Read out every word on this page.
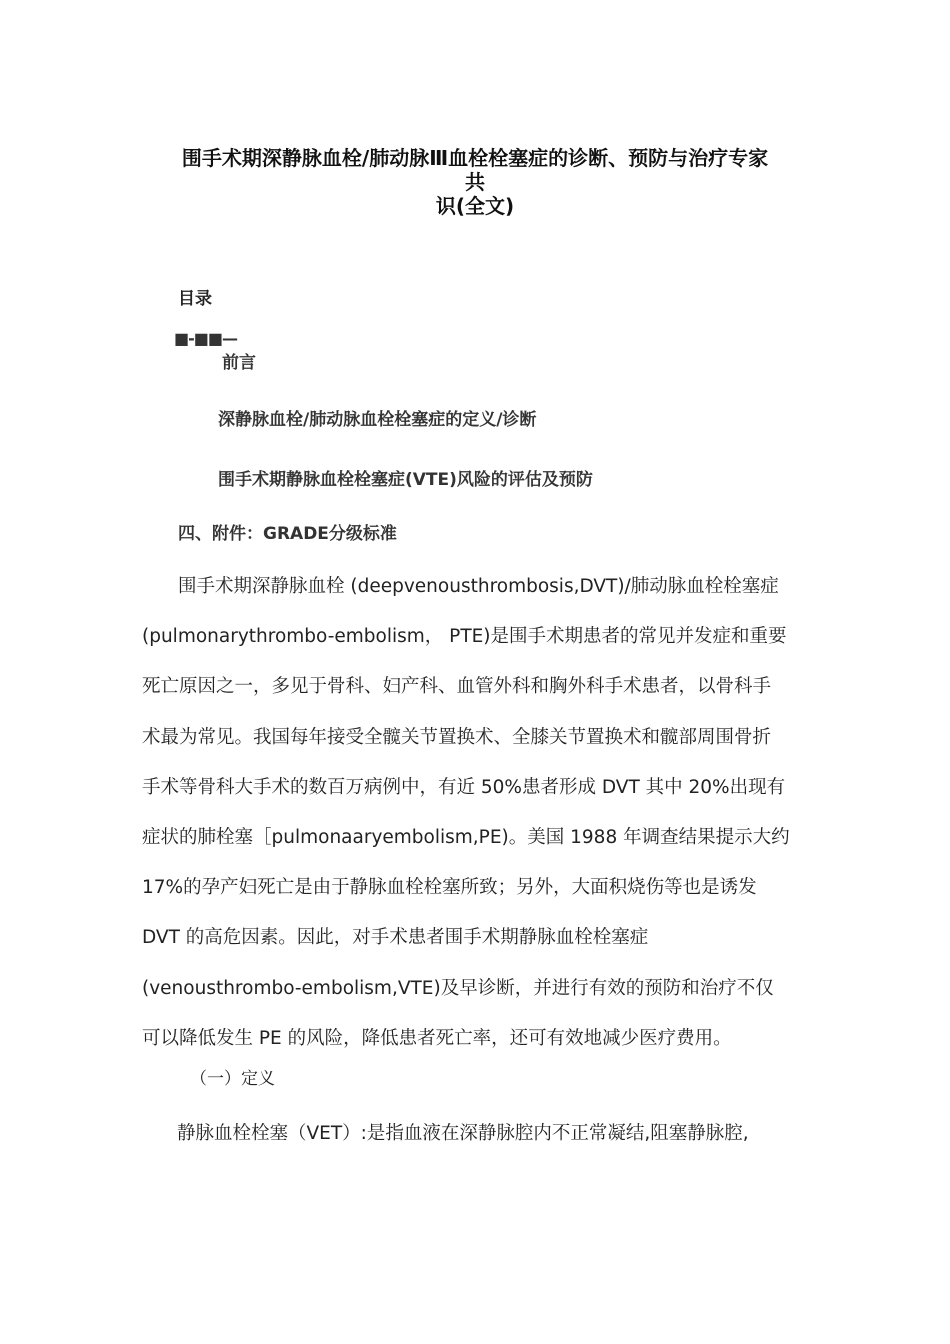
围手术期深静脉血栓/肺动脉Ⅲ血栓栓塞症的诊断、预防与治疗专家
共
识(全文)
目录
■-■■—
前言
深静脉血栓/肺动脉血栓栓塞症的定义/诊断
围手术期静脉血栓栓塞症(VTE)风险的评估及预防
四、附件：GRADE分级标准
围手术期深静脉血栓 (deepvenousthrombosis,DVT)/肺动脉血栓栓塞症
(pulmonarythrombo-embolism， PTE)是围手术期患者的常见并发症和重要
死亡原因之一，多见于骨科、妇产科、血管外科和胸外科手术患者，以骨科手
术最为常见。我国每年接受全髋关节置换术、全膝关节置换术和髋部周围骨折
手术等骨科大手术的数百万病例中，有近 50%患者形成 DVT 其中 20%出现有
症状的肺栓塞［pulmonaaryembolism,PE)。美国 1988 年调查结果提示大约
17%的孕产妇死亡是由于静脉血栓栓塞所致；另外，大面积烧伤等也是诱发
DVT 的高危因素。因此，对手术患者围手术期静脉血栓栓塞症
(venousthrombo-embolism,VTE)及早诊断，并进行有效的预防和治疗不仅
可以降低发生 PE 的风险，降低患者死亡率，还可有效地减少医疗费用。
（一）定义
静脉血栓栓塞（VET）:是指血液在深静脉腔内不正常凝结,阻塞静脉腔,
